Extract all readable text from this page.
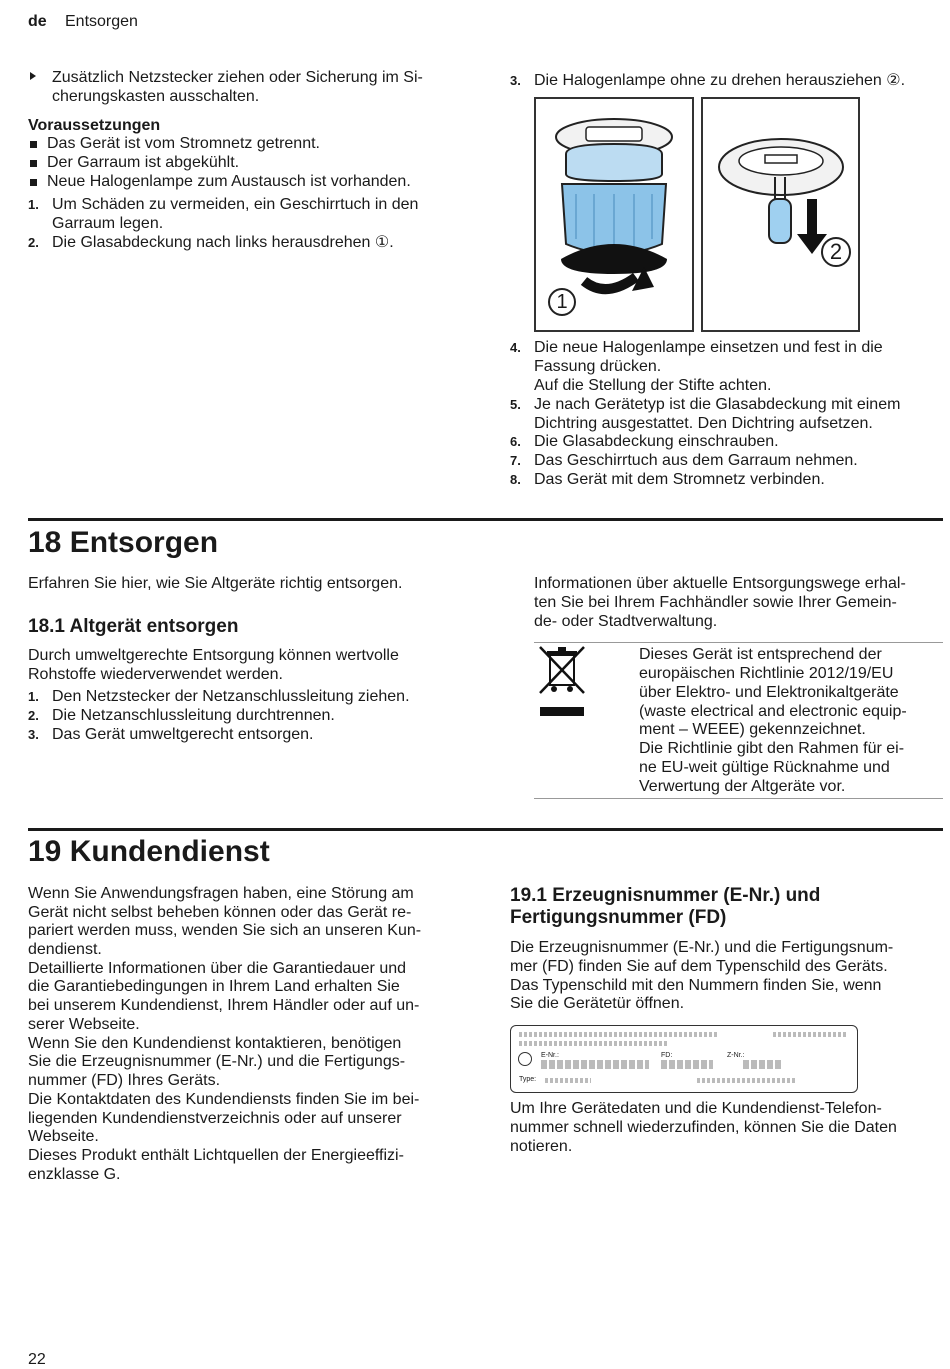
de Entsorgen
Zusätzlich Netzstecker ziehen oder Sicherung im Si-
cherungskasten ausschalten.
Voraussetzungen
Das Gerät ist vom Stromnetz getrennt.
Der Garraum ist abgekühlt.
Neue Halogenlampe zum Austausch ist vorhanden.
1. Um Schäden zu vermeiden, ein Geschirrtuch in den
Garraum legen.
2. Die Glasabdeckung nach links herausdrehen ①.
3. Die Halogenlampe ohne zu drehen herausziehen ②.
1
2
4. Die neue Halogenlampe einsetzen und fest in die
Fassung drücken.
Auf die Stellung der Stifte achten.
5. Je nach Gerätetyp ist die Glasabdeckung mit einem
Dichtring ausgestattet. Den Dichtring aufsetzen.
6. Die Glasabdeckung einschrauben.
7. Das Geschirrtuch aus dem Garraum nehmen.
8. Das Gerät mit dem Stromnetz verbinden.
18 Entsorgen
Erfahren Sie hier, wie Sie Altgeräte richtig entsorgen.
18.1 Altgerät entsorgen
Durch umweltgerechte Entsorgung können wertvolle
Rohstoffe wiederverwendet werden.
1. Den Netzstecker der Netzanschlussleitung ziehen.
2. Die Netzanschlussleitung durchtrennen.
3. Das Gerät umweltgerecht entsorgen.
Informationen über aktuelle Entsorgungswege erhal-
ten Sie bei Ihrem Fachhändler sowie Ihrer Gemein-
de- oder Stadtverwaltung.
Dieses Gerät ist entsprechend der
europäischen Richtlinie 2012/19/EU
über Elektro- und Elektronikaltgeräte
(waste electrical and electronic equip-
ment – WEEE) gekennzeichnet.
Die Richtlinie gibt den Rahmen für ei-
ne EU-weit gültige Rücknahme und
Verwertung der Altgeräte vor.
19 Kundendienst
Wenn Sie Anwendungsfragen haben, eine Störung am
Gerät nicht selbst beheben können oder das Gerät re-
pariert werden muss, wenden Sie sich an unseren Kun-
dendienst.
Detaillierte Informationen über die Garantiedauer und
die Garantiebedingungen in Ihrem Land erhalten Sie
bei unserem Kundendienst, Ihrem Händler oder auf un-
serer Webseite.
Wenn Sie den Kundendienst kontaktieren, benötigen
Sie die Erzeugnisnummer (E-Nr.) und die Fertigungs-
nummer (FD) Ihres Geräts.
Die Kontaktdaten des Kundendiensts finden Sie im bei-
liegenden Kundendienstverzeichnis oder auf unserer
Webseite.
Dieses Produkt enthält Lichtquellen der Energieeffizi-
enzklasse G.
19.1 Erzeugnisnummer (E-Nr.) und
Fertigungsnummer (FD)
Die Erzeugnisnummer (E-Nr.) und die Fertigungsnum-
mer (FD) finden Sie auf dem Typenschild des Geräts.
Das Typenschild mit den Nummern finden Sie, wenn
Sie die Gerätetür öffnen.
E-Nr.:	FD:	Z-Nr.:
Type:
Um Ihre Gerätedaten und die Kundendienst-Telefon-
nummer schnell wiederzufinden, können Sie die Daten
notieren.
22
